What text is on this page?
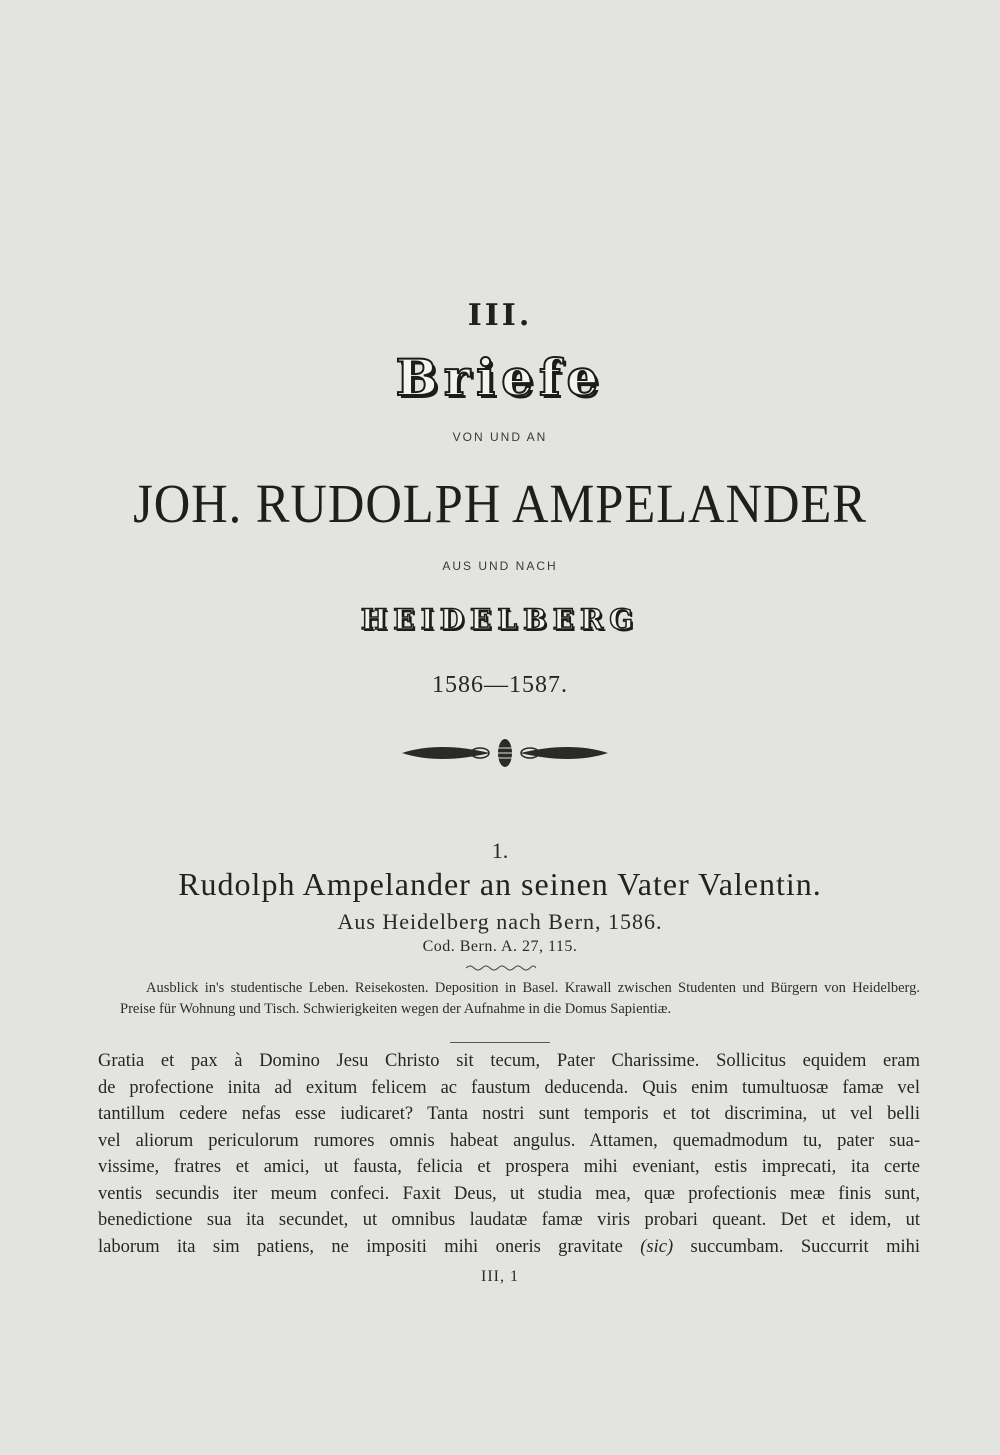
III.
Briefe
VON UND AN
JOH. RUDOLPH AMPELANDER
AUS UND NACH
HEIDELBERG
1586—1587.
1.
Rudolph Ampelander an seinen Vater Valentin.
Aus Heidelberg nach Bern, 1586.
Cod. Bern. A. 27, 115.
Ausblick in's studentische Leben. Reisekosten. Deposition in Basel. Krawall zwischen Studenten und Bürgern von Heidelberg. Preise für Wohnung und Tisch. Schwierigkeiten wegen der Aufnahme in die Domus Sapientiæ.
Gratia et pax à Domino Jesu Christo sit tecum, Pater Charissime. Sollicitus equidem eram
de profectione inita ad exitum felicem ac faustum deducenda. Quis enim tumultuosæ famæ vel
tantillum cedere nefas esse iudicaret? Tanta nostri sunt temporis et tot discrimina, ut vel belli
vel aliorum periculorum rumores omnis habeat angulus. Attamen, quemadmodum tu, pater sua-
vissime, fratres et amici, ut fausta, felicia et prospera mihi eveniant, estis imprecati, ita certe
ventis secundis iter meum confeci. Faxit Deus, ut studia mea, quæ profectionis meæ finis sunt,
benedictione sua ita secundet, ut omnibus laudatæ famæ viris probari queant. Det et idem, ut
laborum ita sim patiens, ne impositi mihi oneris gravitate (sic) succumbam. Succurrit mihi
III, 1
